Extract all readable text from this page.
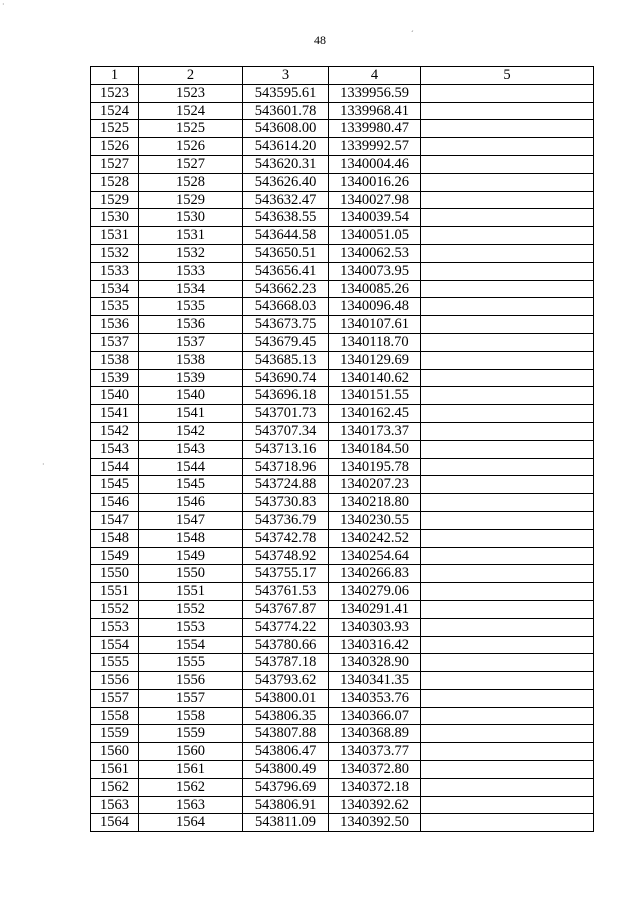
48
·
·
ˊ
1	2	3	4	5
1523	1523	543595.61	1339956.59	
1524	1524	543601.78	1339968.41	
1525	1525	543608.00	1339980.47	
1526	1526	543614.20	1339992.57	
1527	1527	543620.31	1340004.46	
1528	1528	543626.40	1340016.26	
1529	1529	543632.47	1340027.98	
1530	1530	543638.55	1340039.54	
1531	1531	543644.58	1340051.05	
1532	1532	543650.51	1340062.53	
1533	1533	543656.41	1340073.95	
1534	1534	543662.23	1340085.26	
1535	1535	543668.03	1340096.48	
1536	1536	543673.75	1340107.61	
1537	1537	543679.45	1340118.70	
1538	1538	543685.13	1340129.69	
1539	1539	543690.74	1340140.62	
1540	1540	543696.18	1340151.55	
1541	1541	543701.73	1340162.45	
1542	1542	543707.34	1340173.37	
1543	1543	543713.16	1340184.50	
1544	1544	543718.96	1340195.78	
1545	1545	543724.88	1340207.23	
1546	1546	543730.83	1340218.80	
1547	1547	543736.79	1340230.55	
1548	1548	543742.78	1340242.52	
1549	1549	543748.92	1340254.64	
1550	1550	543755.17	1340266.83	
1551	1551	543761.53	1340279.06	
1552	1552	543767.87	1340291.41	
1553	1553	543774.22	1340303.93	
1554	1554	543780.66	1340316.42	
1555	1555	543787.18	1340328.90	
1556	1556	543793.62	1340341.35	
1557	1557	543800.01	1340353.76	
1558	1558	543806.35	1340366.07	
1559	1559	543807.88	1340368.89	
1560	1560	543806.47	1340373.77	
1561	1561	543800.49	1340372.80	
1562	1562	543796.69	1340372.18	
1563	1563	543806.91	1340392.62	
1564	1564	543811.09	1340392.50	
